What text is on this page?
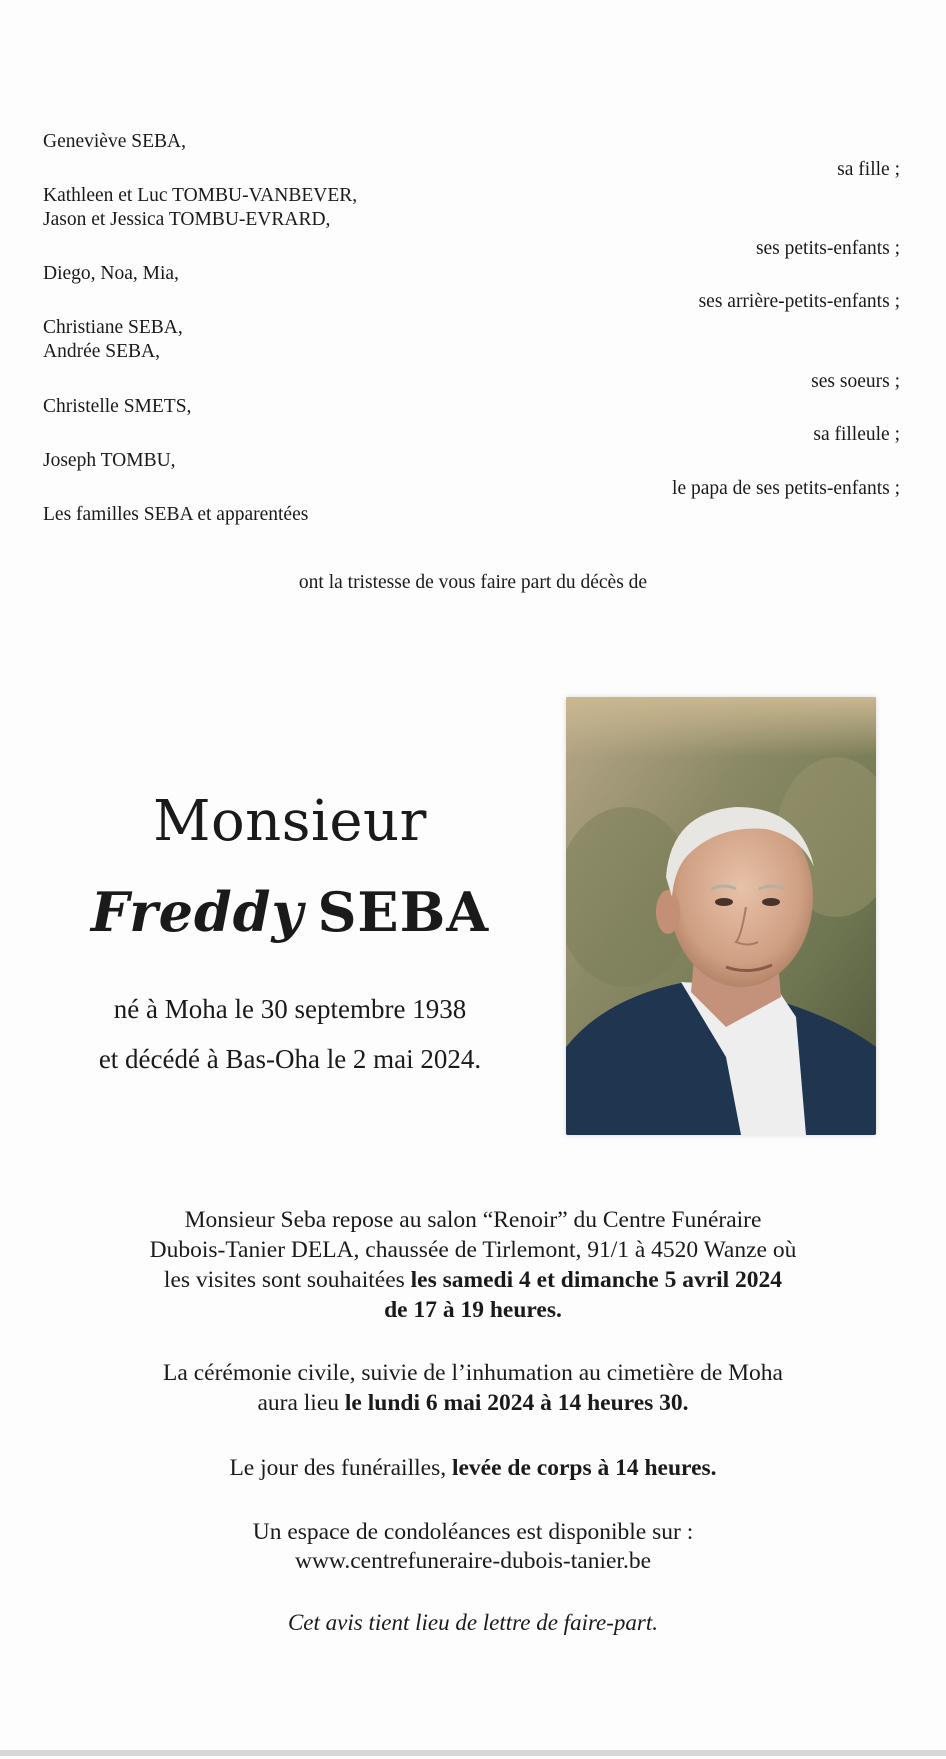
Geneviève SEBA,
sa fille ;
Kathleen et Luc TOMBU-VANBEVER,
Jason et Jessica TOMBU-EVRARD,
ses petits-enfants ;
Diego, Noa, Mia,
ses arrière-petits-enfants ;
Christiane SEBA,
Andrée SEBA,
ses soeurs ;
Christelle SMETS,
sa filleule ;
Joseph TOMBU,
le papa de ses petits-enfants ;
Les familles SEBA et apparentées
ont la tristesse de vous faire part du décès de
Monsieur
Freddy SEBA
né à Moha le 30 septembre 1938
et décédé à Bas-Oha le 2 mai 2024.
Monsieur Seba repose au salon “Renoir” du Centre Funéraire
Dubois-Tanier DELA, chaussée de Tirlemont, 91/1 à 4520 Wanze où
les visites sont souhaitées les samedi 4 et dimanche 5 avril 2024
de 17 à 19 heures.
La cérémonie civile, suivie de l’inhumation au cimetière de Moha
aura lieu le lundi 6 mai 2024 à 14 heures 30.
Le jour des funérailles, levée de corps à 14 heures.
Un espace de condoléances est disponible sur :
www.centrefuneraire-dubois-tanier.be
Cet avis tient lieu de lettre de faire-part.
